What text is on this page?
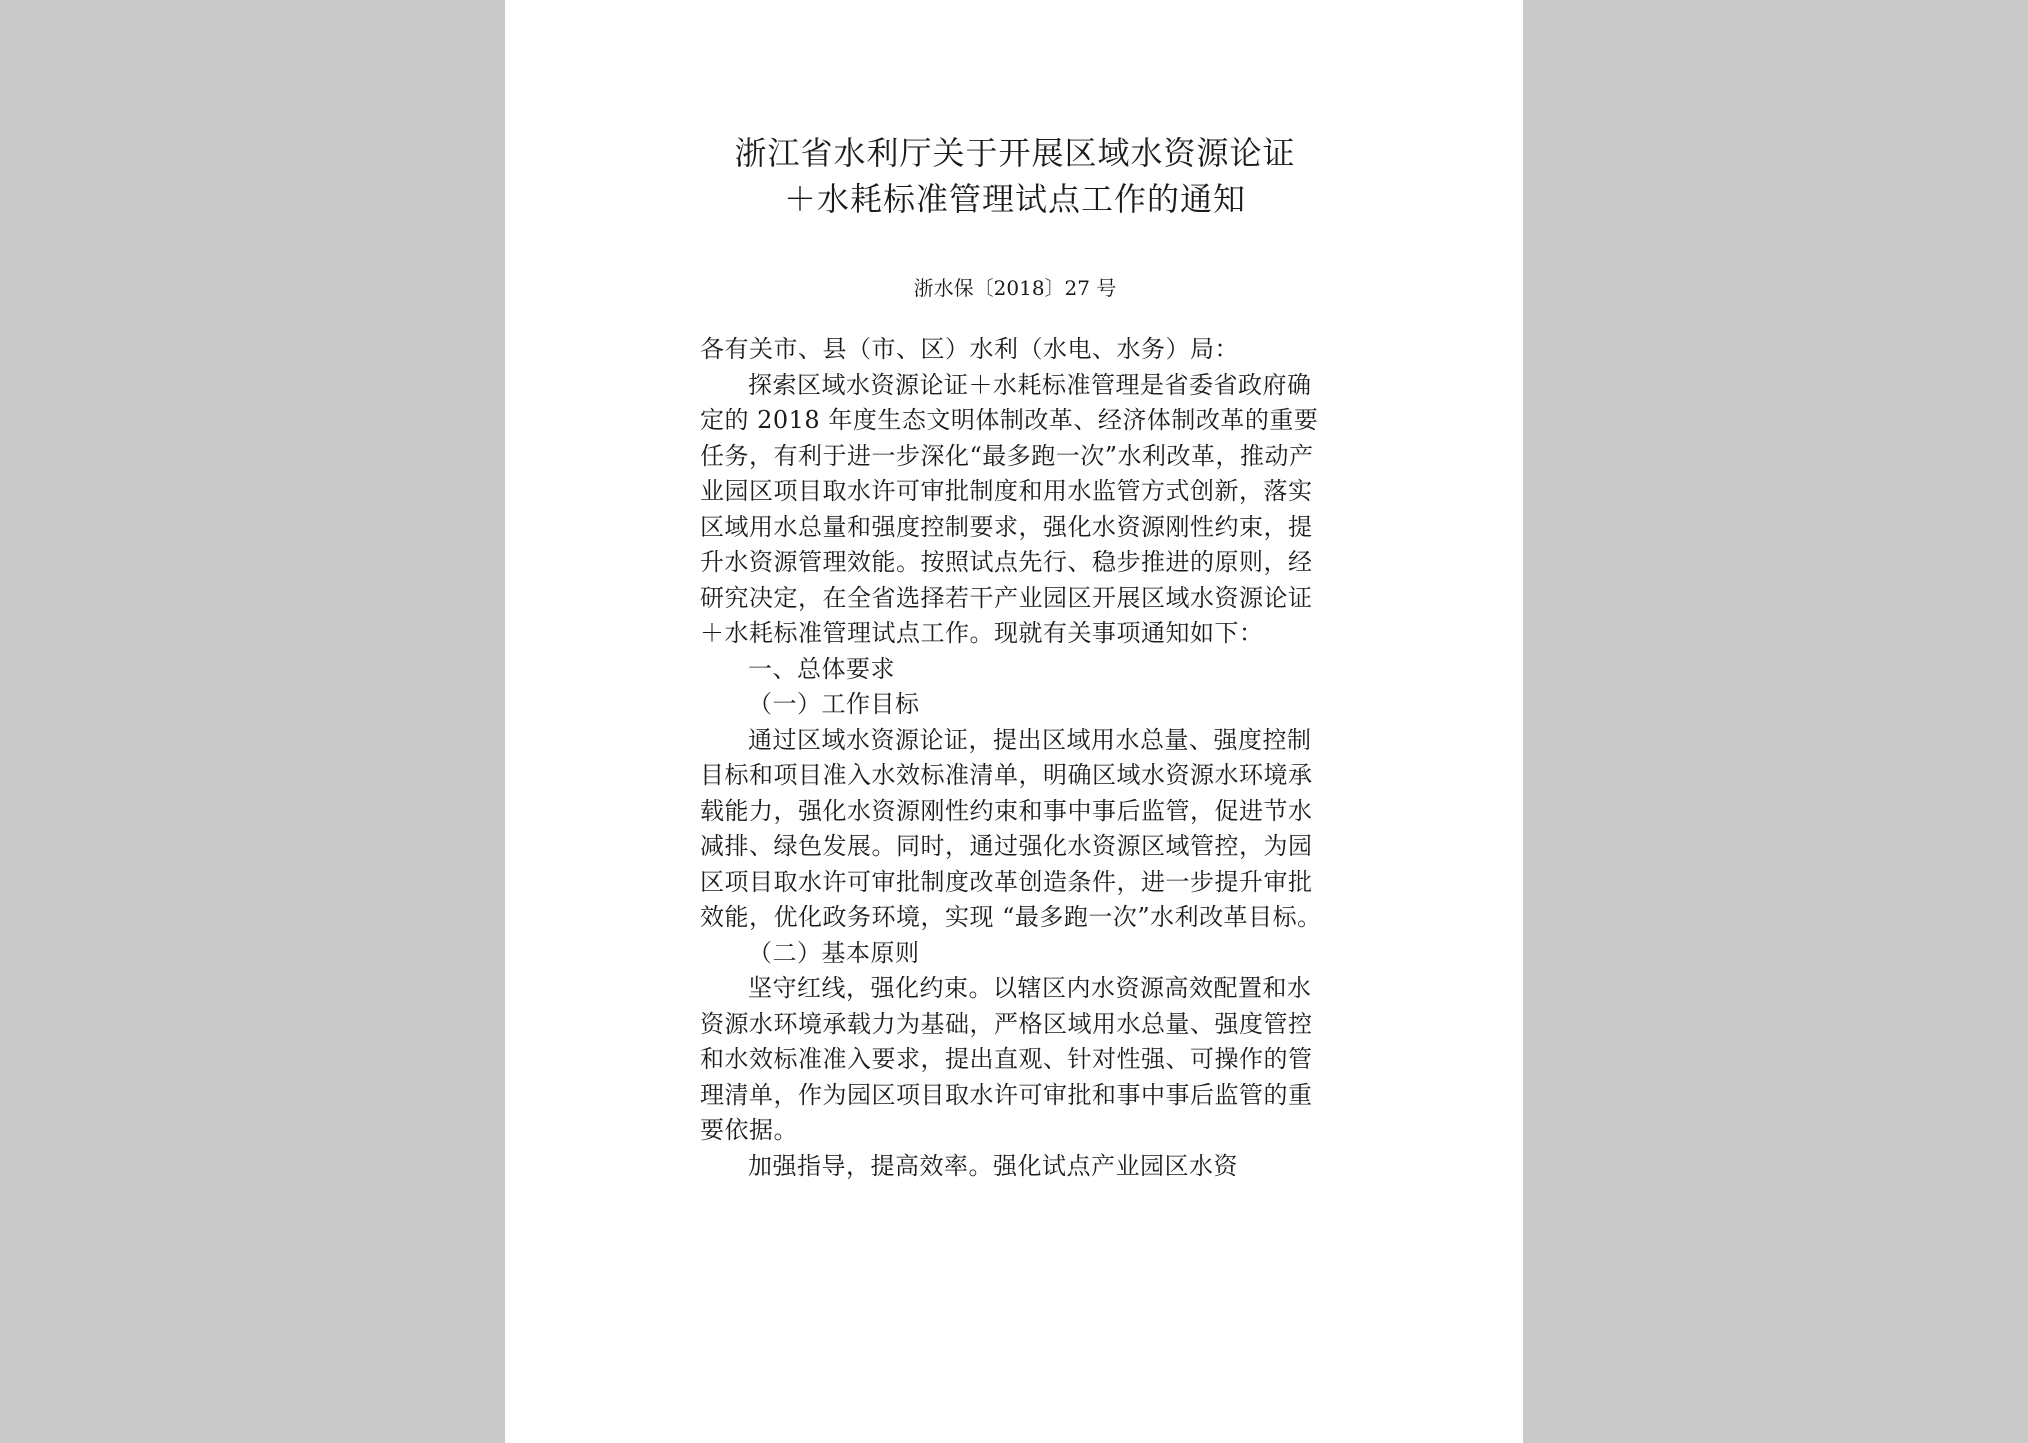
浙江省水利厅关于开展区域水资源论证
＋水耗标准管理试点工作的通知
浙水保〔2018〕27 号

各有关市、县（市、区）水利（水电、水务）局：

探索区域水资源论证＋水耗标准管理是省委省政府确定的 2018 年度生态文明体制改革、经济体制改革的重要任务，有利于进一步深化“最多跑一次”水利改革，推动产业园区项目取水许可审批制度和用水监管方式创新，落实区域用水总量和强度控制要求，强化水资源刚性约束，提升水资源管理效能。按照试点先行、稳步推进的原则，经研究决定，在全省选择若干产业园区开展区域水资源论证＋水耗标准管理试点工作。现就有关事项通知如下：

一、总体要求

（一）工作目标

通过区域水资源论证，提出区域用水总量、强度控制目标和项目准入水效标准清单，明确区域水资源水环境承载能力，强化水资源刚性约束和事中事后监管，促进节水减排、绿色发展。同时，通过强化水资源区域管控，为园区项目取水许可审批制度改革创造条件，进一步提升审批效能，优化政务环境，实现 “最多跑一次”水利改革目标。

（二）基本原则

坚守红线，强化约束。以辖区内水资源高效配置和水资源水环境承载力为基础，严格区域用水总量、强度管控和水效标准准入要求，提出直观、针对性强、可操作的管理清单，作为园区项目取水许可审批和事中事后监管的重要依据。

加强指导，提高效率。强化试点产业园区水资
